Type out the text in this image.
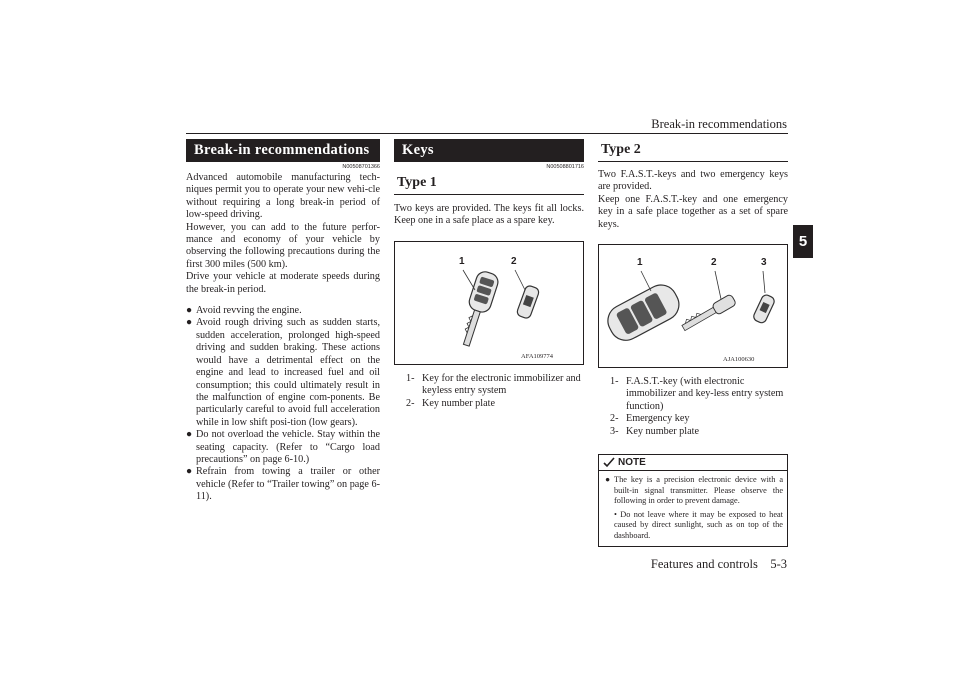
Break-in recommendations
5
Break-in recommendations
N00508701366

Advanced automobile manufacturing tech-niques permit you to operate your new vehi-cle without requiring a long break-in period of low-speed driving.

However, you can add to the future perfor-mance and economy of your vehicle by observing the following precautions during the first 300 miles (500 km).

Drive your vehicle at moderate speeds during the break-in period.

● Avoid revving the engine.
● Avoid rough driving such as sudden starts, sudden acceleration, prolonged high-speed driving and sudden braking. These actions would have a detrimental effect on the engine and lead to increased fuel and oil consumption; this could ultimately result in the malfunction of engine com-ponents. Be particularly careful to avoid full acceleration while in low shift posi-tion (low gears).
● Do not overload the vehicle. Stay within the seating capacity. (Refer to “Cargo load precautions” on page 6-10.)
● Refrain from towing a trailer or other vehicle (Refer to “Trailer towing” on page 6-11).
Keys
N00508801716
Type 1

Two keys are provided. The keys fit all locks. Keep one in a safe place as a spare key.

1	2
AFA109774
1- Key for the electronic immobilizer and keyless entry system
2- Key number plate
Type 2

Two F.A.S.T.-keys and two emergency keys are provided.

Keep one F.A.S.T.-key and one emergency key in a safe place together as a set of spare keys.

1	2	3
AJA100630
1- F.A.S.T.-key (with electronic immobilizer and key-less entry system function)
2- Emergency key
3- Key number plate
NOTE
● The key is a precision electronic device with a built-in signal transmitter. Please observe the following in order to prevent damage.
• Do not leave where it may be exposed to heat caused by direct sunlight, such as on top of the dashboard.
Features and controls    5-3
